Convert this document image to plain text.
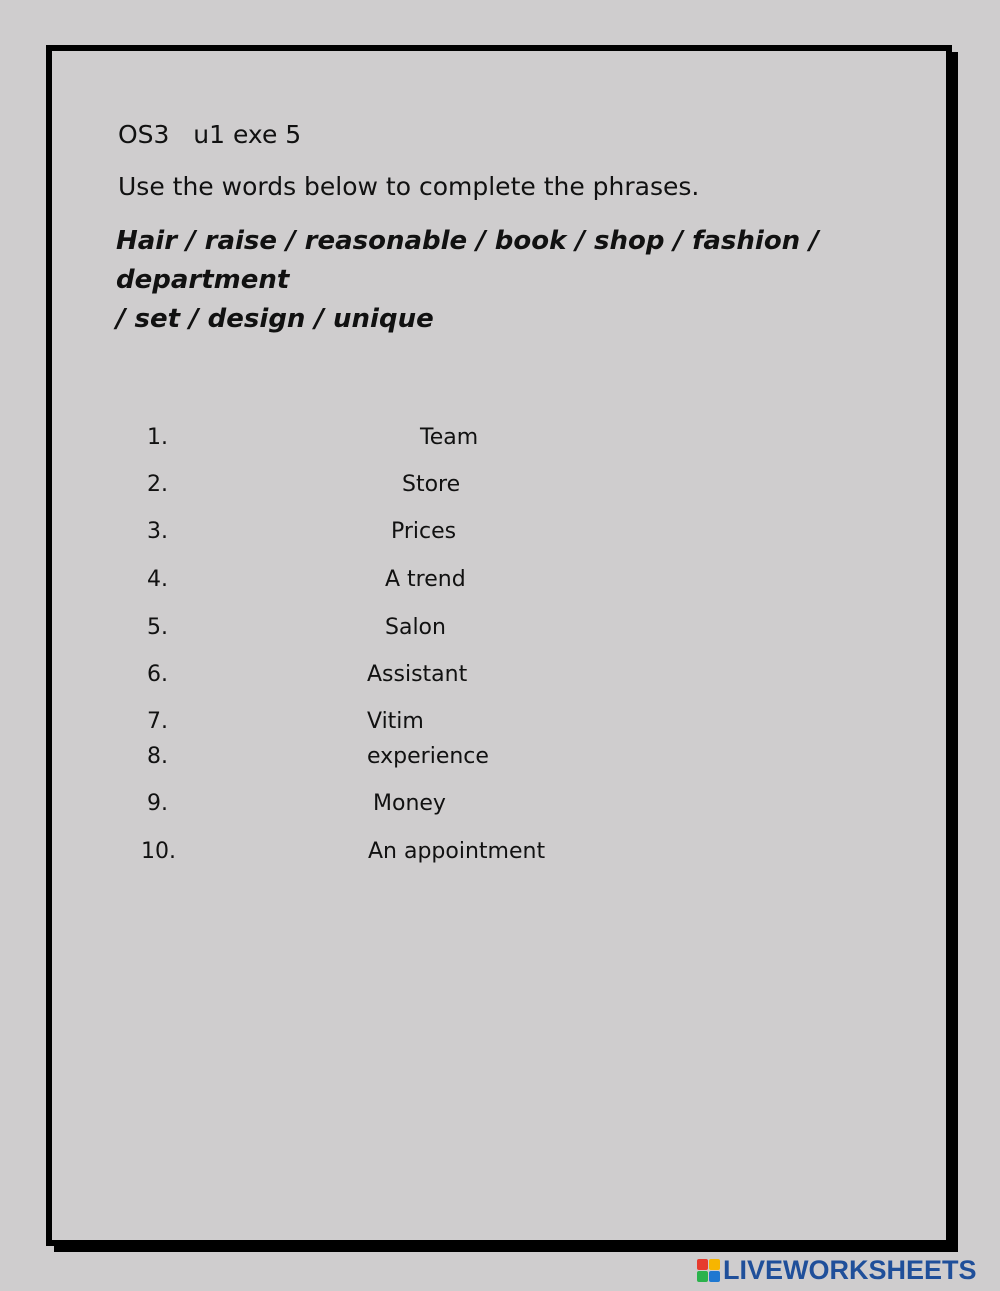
OS3   u1 exe 5
Use the words below to complete the phrases.
Hair / raise / reasonable / book / shop / fashion / department
/ set / design / unique
1.	Team
2.	Store
3.	Prices
4.	A trend
5.	Salon
6.	Assistant
7.	Vitim
8.	experience
9.	Money
10.	An appointment
LIVEWORKSHEETS
